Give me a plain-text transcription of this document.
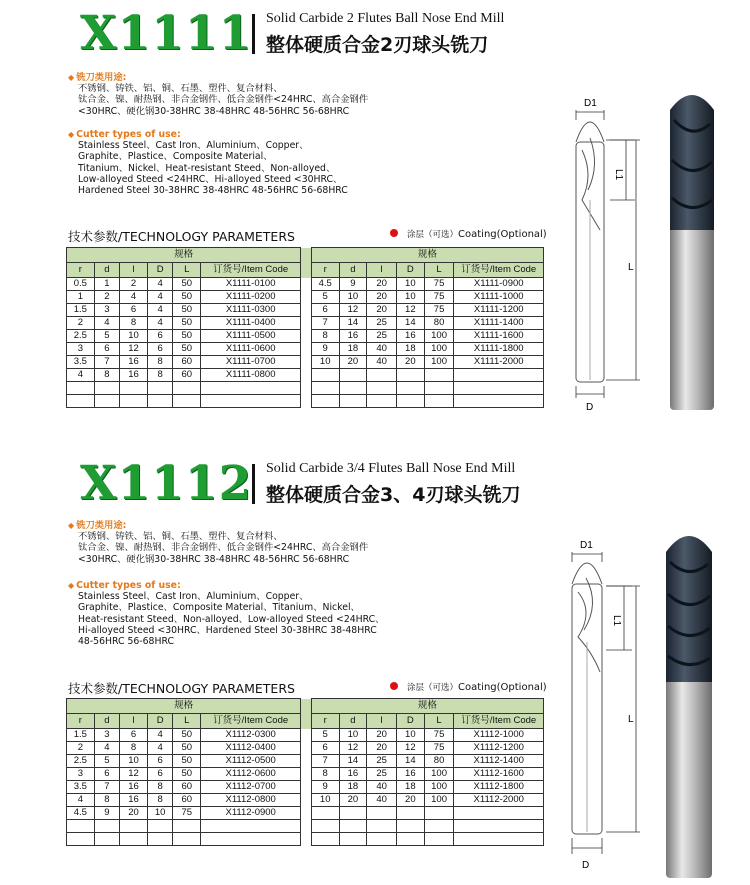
X1111 Solid Carbide 2 Flutes Ball Nose End Mill
整体硬质合金2刃球头铣刀
◆ 铣刀类用途:
不锈钢、铸铁、铝、铜、石墨、塑件、复合材料、
钛合金、镍、耐热钢、非合金钢件、低合金钢件<24HRC、高合金钢件
<30HRC、硬化钢30-38HRC 38-48HRC 48-56HRC 56-68HRC
◆ Cutter types of use:
Stainless Steel、Cast Iron、Aluminium、Copper、
Graphite、Plastice、Composite Material、
Titanium、Nickel、Heat-resistant Steed、Non-alloyed、
Low-alloyed Steed <24HRC、Hi-alloyed Steed <30HRC、
Hardened Steel 30-38HRC 38-48HRC 48-56HRC 56-68HRC
技术参数/TECHNOLOGY PARAMETERS	涂层（可选）Coating(Optional)
规格							规格					
r	d	l	D	L	订货号/Item Code		r	d	l	D	L	订货号/Item Code
0.5	1	2	4	50	X1111-0100		4.5	9	20	10	75	X1111-0900
1	2	4	4	50	X1111-0200		5	10	20	10	75	X1111-1000
1.5	3	6	4	50	X1111-0300		6	12	20	12	75	X1111-1200
2	4	8	4	50	X1111-0400		7	14	25	14	80	X1111-1400
2.5	5	10	6	50	X1111-0500		8	16	25	16	100	X1111-1600
3	6	12	6	50	X1111-0600		9	18	40	18	100	X1111-1800
3.5	7	16	8	60	X1111-0700		10	20	40	20	100	X1111-2000
4	8	16	8	60	X1111-0800							

D1
L1
L
D
X1112 Solid Carbide 3/4 Flutes Ball Nose End Mill
整体硬质合金3、4刃球头铣刀
◆ 铣刀类用途:
不锈钢、铸铁、铝、铜、石墨、塑件、复合材料、
钛合金、镍、耐热钢、非合金钢件、低合金钢件<24HRC、高合金钢件
<30HRC、硬化钢30-38HRC 38-48HRC 48-56HRC 56-68HRC
◆ Cutter types of use:
Stainless Steel、Cast Iron、Aluminium、Copper、
Graphite、Plastice、Composite Material、Titanium、Nickel、
Heat-resistant Steed、Non-alloyed、Low-alloyed Steed <24HRC、
Hi-alloyed Steed <30HRC、Hardened Steel 30-38HRC 38-48HRC
48-56HRC 56-68HRC
技术参数/TECHNOLOGY PARAMETERS	涂层（可选）Coating(Optional)
规格							规格					
r	d	l	D	L	订货号/Item Code		r	d	l	D	L	订货号/Item Code
1.5	3	6	4	50	X1112-0300		5	10	20	10	75	X1112-1000
2	4	8	4	50	X1112-0400		6	12	20	12	75	X1112-1200
2.5	5	10	6	50	X1112-0500		7	14	25	14	80	X1112-1400
3	6	12	6	50	X1112-0600		8	16	25	16	100	X1112-1600
3.5	7	16	8	60	X1112-0700		9	18	40	18	100	X1112-1800
4	8	16	8	60	X1112-0800		10	20	40	20	100	X1112-2000
4.5	9	20	10	75	X1112-0900							

D1
L1
L
D
